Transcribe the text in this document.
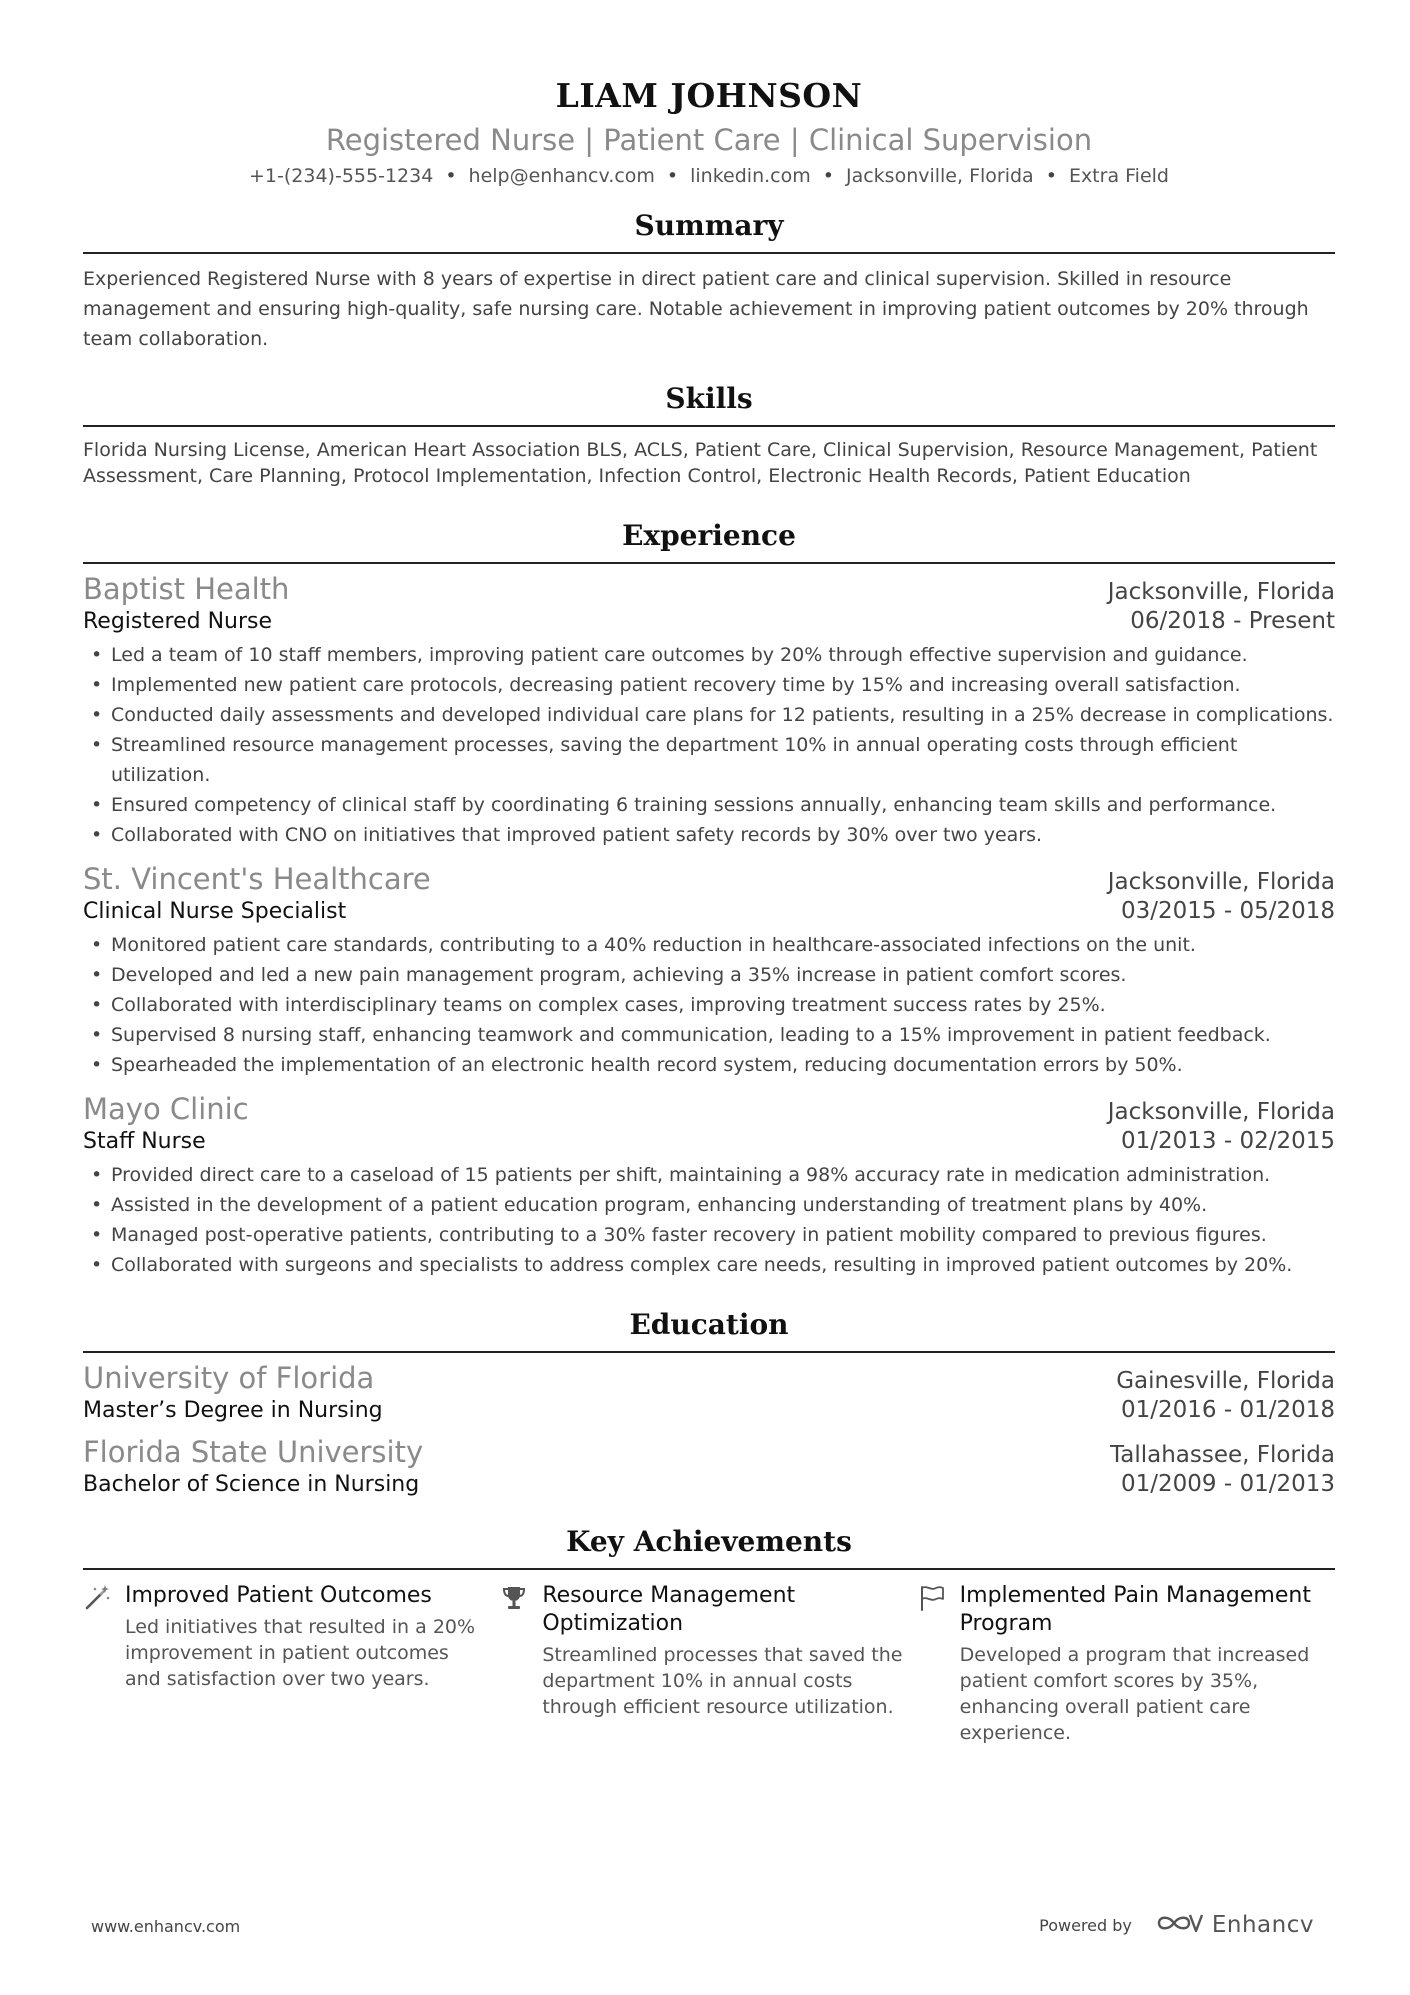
LIAM JOHNSON
Registered Nurse | Patient Care | Clinical Supervision
+1-(234)-555-1234 • help@enhancv.com • linkedin.com • Jacksonville, Florida • Extra Field
Summary
Experienced Registered Nurse with 8 years of expertise in direct patient care and clinical supervision. Skilled in resource management and ensuring high-quality, safe nursing care. Notable achievement in improving patient outcomes by 20% through team collaboration.
Skills
Florida Nursing License, American Heart Association BLS, ACLS, Patient Care, Clinical Supervision, Resource Management, Patient Assessment, Care Planning, Protocol Implementation, Infection Control, Electronic Health Records, Patient Education
Experience
Baptist Health	Jacksonville, Florida
Registered Nurse	06/2018 - Present
• Led a team of 10 staff members, improving patient care outcomes by 20% through effective supervision and guidance.
• Implemented new patient care protocols, decreasing patient recovery time by 15% and increasing overall satisfaction.
• Conducted daily assessments and developed individual care plans for 12 patients, resulting in a 25% decrease in complications.
• Streamlined resource management processes, saving the department 10% in annual operating costs through efficient utilization.
• Ensured competency of clinical staff by coordinating 6 training sessions annually, enhancing team skills and performance.
• Collaborated with CNO on initiatives that improved patient safety records by 30% over two years.
St. Vincent's Healthcare	Jacksonville, Florida
Clinical Nurse Specialist	03/2015 - 05/2018
• Monitored patient care standards, contributing to a 40% reduction in healthcare-associated infections on the unit.
• Developed and led a new pain management program, achieving a 35% increase in patient comfort scores.
• Collaborated with interdisciplinary teams on complex cases, improving treatment success rates by 25%.
• Supervised 8 nursing staff, enhancing teamwork and communication, leading to a 15% improvement in patient feedback.
• Spearheaded the implementation of an electronic health record system, reducing documentation errors by 50%.
Mayo Clinic	Jacksonville, Florida
Staff Nurse	01/2013 - 02/2015
• Provided direct care to a caseload of 15 patients per shift, maintaining a 98% accuracy rate in medication administration.
• Assisted in the development of a patient education program, enhancing understanding of treatment plans by 40%.
• Managed post-operative patients, contributing to a 30% faster recovery in patient mobility compared to previous figures.
• Collaborated with surgeons and specialists to address complex care needs, resulting in improved patient outcomes by 20%.
Education
University of Florida	Gainesville, Florida
Master’s Degree in Nursing	01/2016 - 01/2018
Florida State University	Tallahassee, Florida
Bachelor of Science in Nursing	01/2009 - 01/2013
Key Achievements
Improved Patient Outcomes
Led initiatives that resulted in a 20% improvement in patient outcomes and satisfaction over two years.
Resource Management Optimization
Streamlined processes that saved the department 10% in annual costs through efficient resource utilization.
Implemented Pain Management Program
Developed a program that increased patient comfort scores by 35%, enhancing overall patient care experience.
www.enhancv.com	Powered by	Enhancv
